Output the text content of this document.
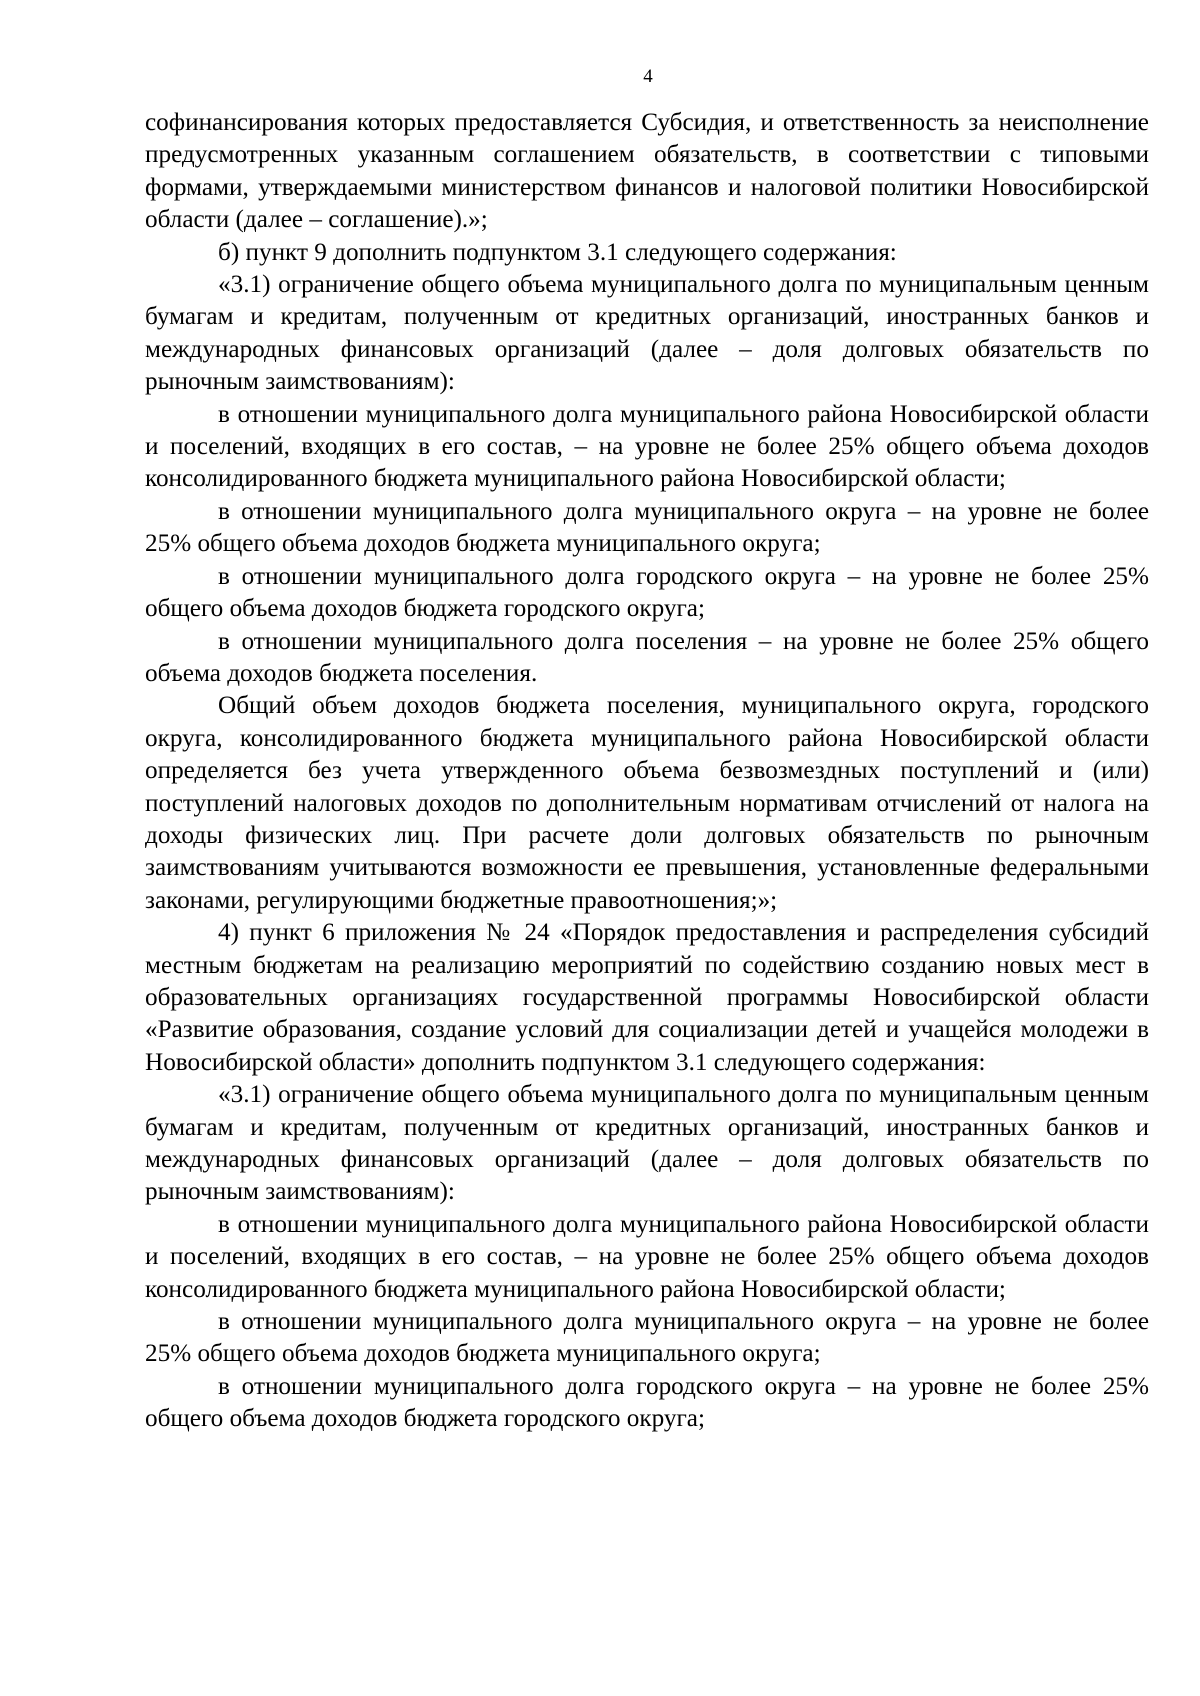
4

софинансирования которых предоставляется Субсидия, и ответственность за неисполнение предусмотренных указанным соглашением обязательств, в соответствии с типовыми формами, утверждаемыми министерством финансов и налоговой политики Новосибирской области (далее – соглашение).»;

б) пункт 9 дополнить подпунктом 3.1 следующего содержания:

«3.1) ограничение общего объема муниципального долга по муниципальным ценным бумагам и кредитам, полученным от кредитных организаций, иностранных банков и международных финансовых организаций (далее – доля долговых обязательств по рыночным заимствованиям):

в отношении муниципального долга муниципального района Новосибирской области и поселений, входящих в его состав, – на уровне не более 25% общего объема доходов консолидированного бюджета муниципального района Новосибирской области;

в отношении муниципального долга муниципального округа – на уровне не более 25% общего объема доходов бюджета муниципального округа;

в отношении муниципального долга городского округа – на уровне не более 25% общего объема доходов бюджета городского округа;

в отношении муниципального долга поселения – на уровне не более 25% общего объема доходов бюджета поселения.

Общий объем доходов бюджета поселения, муниципального округа, городского округа, консолидированного бюджета муниципального района Новосибирской области определяется без учета утвержденного объема безвозмездных поступлений и (или) поступлений налоговых доходов по дополнительным нормативам отчислений от налога на доходы физических лиц. При расчете доли долговых обязательств по рыночным заимствованиям учитываются возможности ее превышения, установленные федеральными законами, регулирующими бюджетные правоотношения;»;

4) пункт 6 приложения № 24 «Порядок предоставления и распределения субсидий местным бюджетам на реализацию мероприятий по содействию созданию новых мест в образовательных организациях государственной программы Новосибирской области «Развитие образования, создание условий для социализации детей и учащейся молодежи в Новосибирской области» дополнить подпунктом 3.1 следующего содержания:

«3.1) ограничение общего объема муниципального долга по муниципальным ценным бумагам и кредитам, полученным от кредитных организаций, иностранных банков и международных финансовых организаций (далее – доля долговых обязательств по рыночным заимствованиям):

в отношении муниципального долга муниципального района Новосибирской области и поселений, входящих в его состав, – на уровне не более 25% общего объема доходов консолидированного бюджета муниципального района Новосибирской области;

в отношении муниципального долга муниципального округа – на уровне не более 25% общего объема доходов бюджета муниципального округа;

в отношении муниципального долга городского округа – на уровне не более 25% общего объема доходов бюджета городского округа;
